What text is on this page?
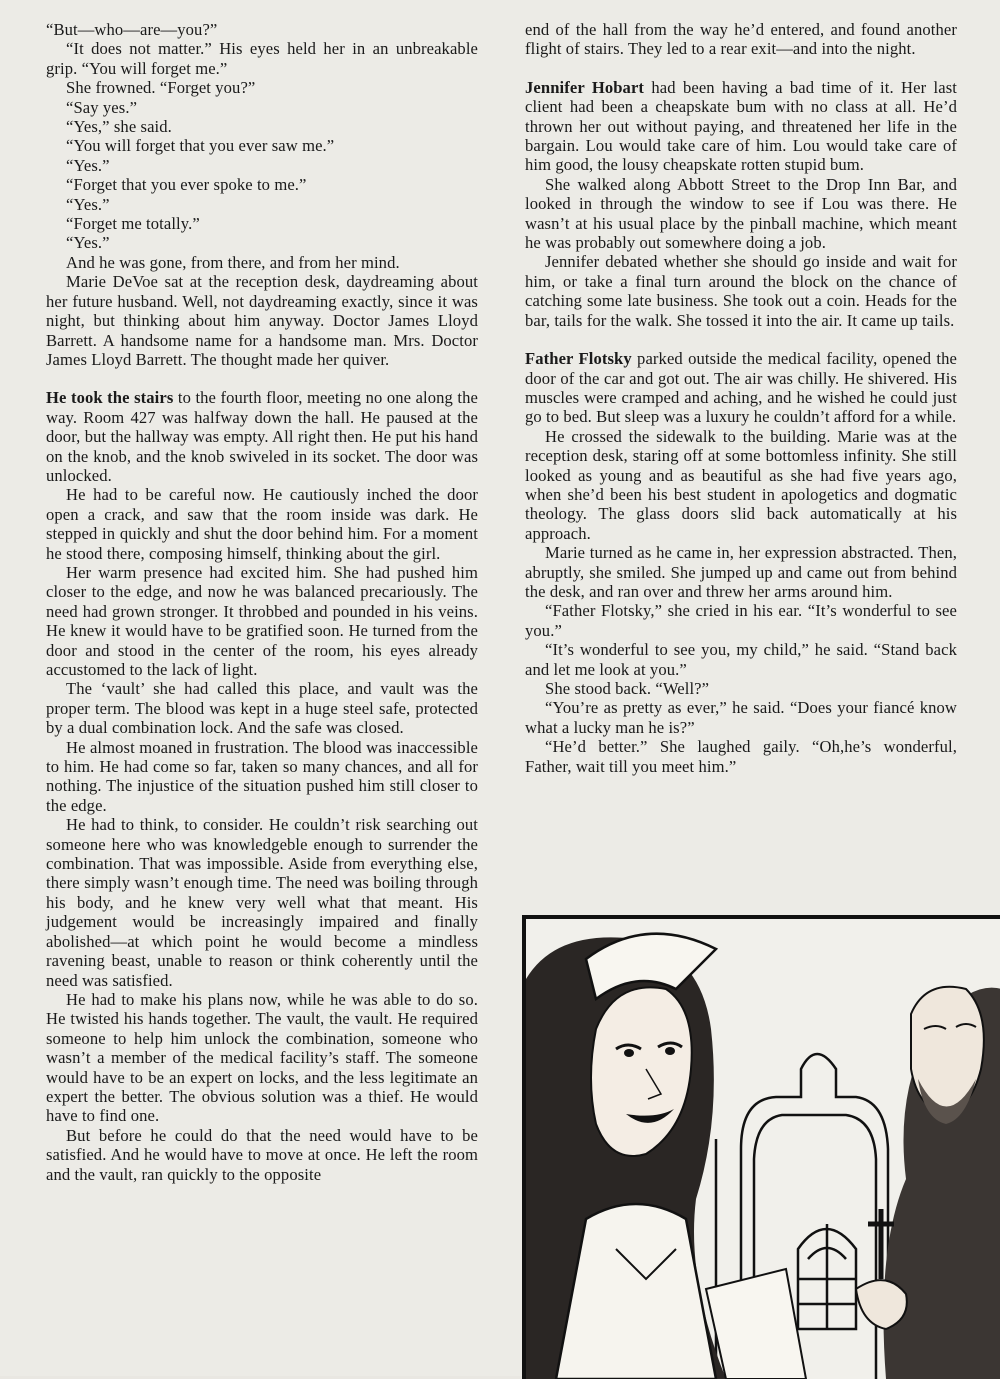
“But—who—are—you?”

“It does not matter.” His eyes held her in an unbreakable grip. “You will forget me.”

She frowned. “Forget you?”

“Say yes.”

“Yes,” she said.

“You will forget that you ever saw me.”

“Yes.”

“Forget that you ever spoke to me.”

“Yes.”

“Forget me totally.”

“Yes.”

And he was gone, from there, and from her mind.

Marie DeVoe sat at the reception desk, daydreaming about her future husband. Well, not daydreaming exactly, since it was night, but thinking about him anyway. Doctor James Lloyd Barrett. A handsome name for a handsome man. Mrs. Doctor James Lloyd Barrett. The thought made her quiver.

He took the stairs to the fourth floor, meeting no one along the way. Room 427 was halfway down the hall. He paused at the door, but the hallway was empty. All right then. He put his hand on the knob, and the knob swiveled in its socket. The door was unlocked.

He had to be careful now. He cautiously inched the door open a crack, and saw that the room inside was dark. He stepped in quickly and shut the door behind him. For a moment he stood there, composing himself, thinking about the girl.

Her warm presence had excited him. She had pushed him closer to the edge, and now he was balanced precariously. The need had grown stronger. It throbbed and pounded in his veins. He knew it would have to be gratified soon. He turned from the door and stood in the center of the room, his eyes already accustomed to the lack of light.

The ‘vault’ she had called this place, and vault was the proper term. The blood was kept in a huge steel safe, protected by a dual combination lock. And the safe was closed.

He almost moaned in frustration. The blood was inaccessible to him. He had come so far, taken so many chances, and all for nothing. The injustice of the situation pushed him still closer to the edge.

He had to think, to consider. He couldn’t risk searching out someone here who was knowledgeble enough to surrender the combination. That was impossible. Aside from everything else, there simply wasn’t enough time. The need was boiling through his body, and he knew very well what that meant. His judgement would be increasingly impaired and finally abolished—at which point he would become a mindless ravening beast, unable to reason or think coherently until the need was satisfied.

He had to make his plans now, while he was able to do so. He twisted his hands together. The vault, the vault. He required someone to help him unlock the combination, someone who wasn’t a member of the medical facility’s staff. The someone would have to be an expert on locks, and the less legitimate an expert the better. The obvious solution was a thief. He would have to find one.

But before he could do that the need would have to be satisfied. And he would have to move at once. He left the room and the vault, ran quickly to the opposite

end of the hall from the way he’d entered, and found another flight of stairs. They led to a rear exit—and into the night.

Jennifer Hobart had been having a bad time of it. Her last client had been a cheapskate bum with no class at all. He’d thrown her out without paying, and threatened her life in the bargain. Lou would take care of him. Lou would take care of him good, the lousy cheapskate rotten stupid bum.

She walked along Abbott Street to the Drop Inn Bar, and looked in through the window to see if Lou was there. He wasn’t at his usual place by the pinball machine, which meant he was probably out somewhere doing a job.

Jennifer debated whether she should go inside and wait for him, or take a final turn around the block on the chance of catching some late business. She took out a coin. Heads for the bar, tails for the walk. She tossed it into the air. It came up tails.

Father Flotsky parked outside the medical facility, opened the door of the car and got out. The air was chilly. He shivered. His muscles were cramped and aching, and he wished he could just go to bed. But sleep was a luxury he couldn’t afford for a while.

He crossed the sidewalk to the building. Marie was at the reception desk, staring off at some bottomless infinity. She still looked as young and as beautiful as she had five years ago, when she’d been his best student in apologetics and dogmatic theology. The glass doors slid back automatically at his approach.

Marie turned as he came in, her expression abstracted. Then, abruptly, she smiled. She jumped up and came out from behind the desk, and ran over and threw her arms around him.

“Father Flotsky,” she cried in his ear. “It’s wonderful to see you.”

“It’s wonderful to see you, my child,” he said. “Stand back and let me look at you.”

She stood back. “Well?”

“You’re as pretty as ever,” he said. “Does your fiancé know what a lucky man he is?”

“He’d better.” She laughed gaily. “Oh,he’s wonderful, Father, wait till you meet him.”
